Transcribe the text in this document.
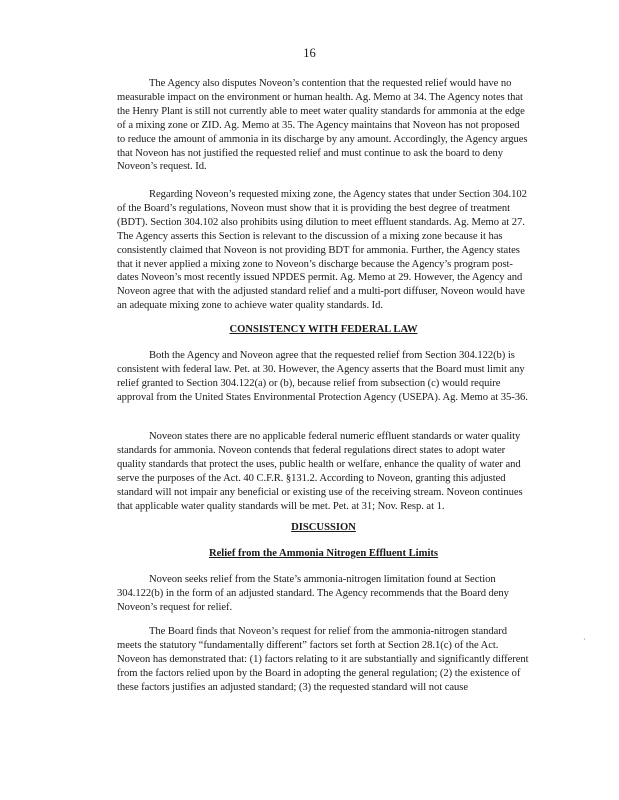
16

The Agency also disputes Noveon’s contention that the requested relief would have no measurable impact on the environment or human health. Ag. Memo at 34. The Agency notes that the Henry Plant is still not currently able to meet water quality standards for ammonia at the edge of a mixing zone or ZID. Ag. Memo at 35. The Agency maintains that Noveon has not proposed to reduce the amount of ammonia in its discharge by any amount. Accordingly, the Agency argues that Noveon has not justified the requested relief and must continue to ask the board to deny Noveon’s request. Id.

Regarding Noveon’s requested mixing zone, the Agency states that under Section 304.102 of the Board’s regulations, Noveon must show that it is providing the best degree of treatment (BDT). Section 304.102 also prohibits using dilution to meet effluent standards. Ag. Memo at 27. The Agency asserts this Section is relevant to the discussion of a mixing zone because it has consistently claimed that Noveon is not providing BDT for ammonia. Further, the Agency states that it never applied a mixing zone to Noveon’s discharge because the Agency’s program post-dates Noveon’s most recently issued NPDES permit. Ag. Memo at 29. However, the Agency and Noveon agree that with the adjusted standard relief and a multi-port diffuser, Noveon would have an adequate mixing zone to achieve water quality standards. Id.

CONSISTENCY WITH FEDERAL LAW

Both the Agency and Noveon agree that the requested relief from Section 304.122(b) is consistent with federal law. Pet. at 30. However, the Agency asserts that the Board must limit any relief granted to Section 304.122(a) or (b), because relief from subsection (c) would require approval from the United States Environmental Protection Agency (USEPA). Ag. Memo at 35-36.

Noveon states there are no applicable federal numeric effluent standards or water quality standards for ammonia. Noveon contends that federal regulations direct states to adopt water quality standards that protect the uses, public health or welfare, enhance the quality of water and serve the purposes of the Act. 40 C.F.R. §131.2. According to Noveon, granting this adjusted standard will not impair any beneficial or existing use of the receiving stream. Noveon continues that applicable water quality standards will be met. Pet. at 31; Nov. Resp. at 1.

DISCUSSION
Relief from the Ammonia Nitrogen Effluent Limits

Noveon seeks relief from the State’s ammonia-nitrogen limitation found at Section 304.122(b) in the form of an adjusted standard. The Agency recommends that the Board deny Noveon’s request for relief.

The Board finds that Noveon’s request for relief from the ammonia-nitrogen standard meets the statutory “fundamentally different” factors set forth at Section 28.1(c) of the Act. Noveon has demonstrated that: (1) factors relating to it are substantially and significantly different from the factors relied upon by the Board in adopting the general regulation; (2) the existence of these factors justifies an adjusted standard; (3) the requested standard will not cause

·
